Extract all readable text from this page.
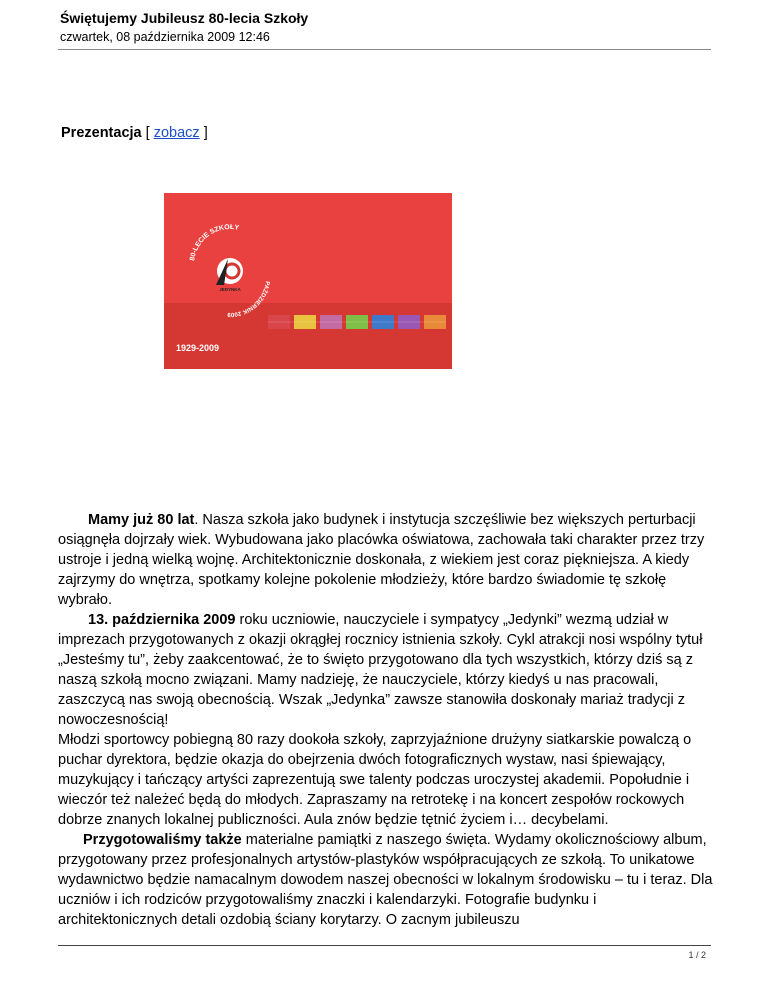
Świętujemy Jubileusz 80-lecia Szkoły
czwartek, 08 października 2009 12:46
Prezentacja [ zobacz ]
80-LECIE SZKOŁY
PAŹDZIERNIK 2009
JEDYNKA
1929-2009

Mamy już 80 lat. Nasza szkoła jako budynek i instytucja szczęśliwie bez większych perturbacji osiągnęła dojrzały wiek. Wybudowana jako placówka oświatowa, zachowała taki charakter przez trzy ustroje i jedną wielką wojnę. Architektonicznie doskonała, z wiekiem jest coraz piękniejsza. A kiedy zajrzymy do wnętrza, spotkamy kolejne pokolenie młodzieży, które bardzo świadomie tę szkołę wybrało.

13. października 2009 roku uczniowie, nauczyciele i sympatycy „Jedynki” wezmą udział w imprezach przygotowanych z okazji okrągłej rocznicy istnienia szkoły. Cykl atrakcji nosi wspólny tytuł „Jesteśmy tu”, żeby zaakcentować, że to święto przygotowano dla tych wszystkich, którzy dziś są z naszą szkołą mocno związani. Mamy nadzieję, że nauczyciele, którzy kiedyś u nas pracowali, zaszczycą nas swoją obecnością. Wszak „Jedynka” zawsze stanowiła doskonały mariaż tradycji z nowoczesnością!

Młodzi sportowcy pobiegną 80 razy dookoła szkoły, zaprzyjaźnione drużyny siatkarskie powalczą o puchar dyrektora, będzie okazja do obejrzenia dwóch fotograficznych wystaw, nasi śpiewający, muzykujący i tańczący artyści zaprezentują swe talenty podczas uroczystej akademii. Popołudnie i wieczór też należeć będą do młodych. Zapraszamy na retrotekę i na koncert zespołów rockowych dobrze znanych lokalnej publiczności. Aula znów będzie tętnić życiem i… decybelami.

Przygotowaliśmy także materialne pamiątki z naszego święta. Wydamy okolicznościowy album, przygotowany przez profesjonalnych artystów-plastyków współpracujących ze szkołą. To unikatowe wydawnictwo będzie namacalnym dowodem naszej obecności w lokalnym środowisku – tu i teraz. Dla uczniów i ich rodziców przygotowaliśmy znaczki i kalendarzyki. Fotografie budynku i architektonicznych detali ozdobią ściany korytarzy. O zacnym jubileuszu

1 / 2
